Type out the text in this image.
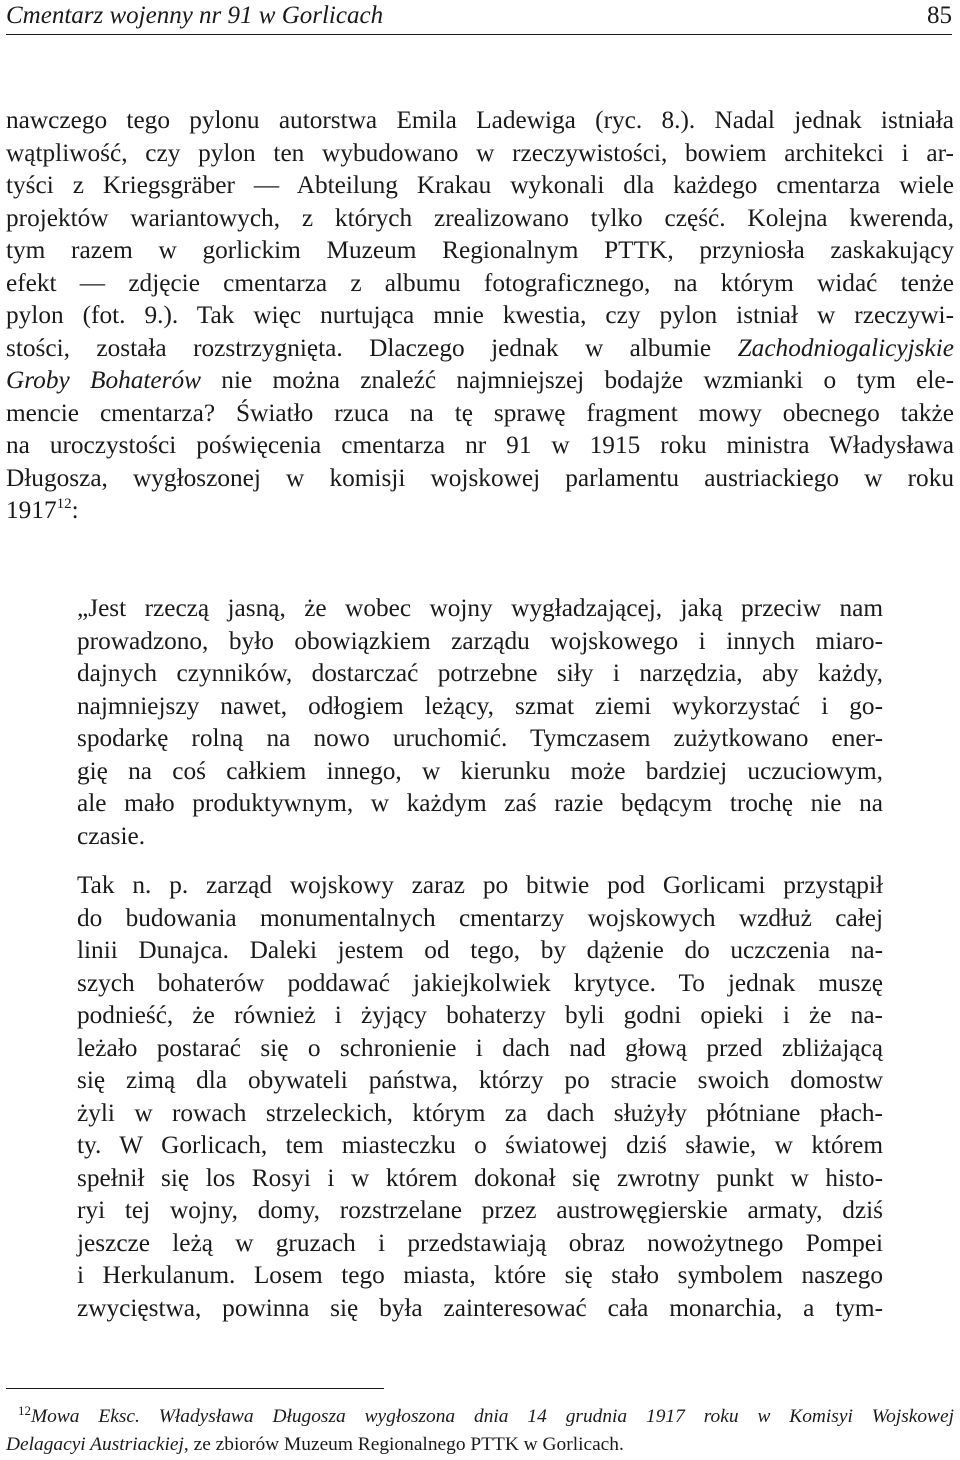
Cmentarz wojenny nr 91 w Gorlicach	85
nawczego tego pylonu autorstwa Emila Ladewiga (ryc. 8.). Nadal jednak istniała
wątpliwość, czy pylon ten wybudowano w rzeczywistości, bowiem architekci i ar-
tyści z Kriegsgräber — Abteilung Krakau wykonali dla każdego cmentarza wiele
projektów wariantowych, z których zrealizowano tylko część. Kolejna kwerenda,
tym razem w gorlickim Muzeum Regionalnym PTTK, przyniosła zaskakujący
efekt — zdjęcie cmentarza z albumu fotograficznego, na którym widać tenże
pylon (fot. 9.). Tak więc nurtująca mnie kwestia, czy pylon istniał w rzeczywi-
stości, została rozstrzygnięta. Dlaczego jednak w albumie Zachodniogalicyjskie
Groby Bohaterów nie można znaleźć najmniejszej bodajże wzmianki o tym ele-
mencie cmentarza? Światło rzuca na tę sprawę fragment mowy obecnego także
na uroczystości poświęcenia cmentarza nr 91 w 1915 roku ministra Władysława
Długosza, wygłoszonej w komisji wojskowej parlamentu austriackiego w roku
1917$^{12}$:
„Jest rzeczą jasną, że wobec wojny wygładzającej, jaką przeciw nam
prowadzono, było obowiązkiem zarządu wojskowego i innych miaro-
dajnych czynników, dostarczać potrzebne siły i narzędzia, aby każdy,
najmniejszy nawet, odłogiem leżący, szmat ziemi wykorzystać i go-
spodarkę rolną na nowo uruchomić. Tymczasem zużytkowano ener-
gię na coś całkiem innego, w kierunku może bardziej uczuciowym,
ale mało produktywnym, w każdym zaś razie będącym trochę nie na
czasie.
Tak n. p. zarząd wojskowy zaraz po bitwie pod Gorlicami przystąpił
do budowania monumentalnych cmentarzy wojskowych wzdłuż całej
linii Dunajca. Daleki jestem od tego, by dążenie do uczczenia na-
szych bohaterów poddawać jakiejkolwiek krytyce. To jednak muszę
podnieść, że również i żyjący bohaterzy byli godni opieki i że na-
leżało postarać się o schronienie i dach nad głową przed zbliżającą
się zimą dla obywateli państwa, którzy po stracie swoich domostw
żyli w rowach strzeleckich, którym za dach służyły płótniane płach-
ty. W Gorlicach, tem miasteczku o światowej dziś sławie, w którem
spełnił się los Rosyi i w którem dokonał się zwrotny punkt w histo-
ryi tej wojny, domy, rozstrzelane przez austrowęgierskie armaty, dziś
jeszcze leżą w gruzach i przedstawiają obraz nowożytnego Pompei
i Herkulanum. Losem tego miasta, które się stało symbolem naszego
zwycięstwa, powinna się była zainteresować cała monarchia, a tym-
$^{12}$Mowa Eksc. Władysława Długosza wygłoszona dnia 14 grudnia 1917 roku w Komisyi Wojskowej
Delagacyi Austriackiej, ze zbiorów Muzeum Regionalnego PTTK w Gorlicach.
